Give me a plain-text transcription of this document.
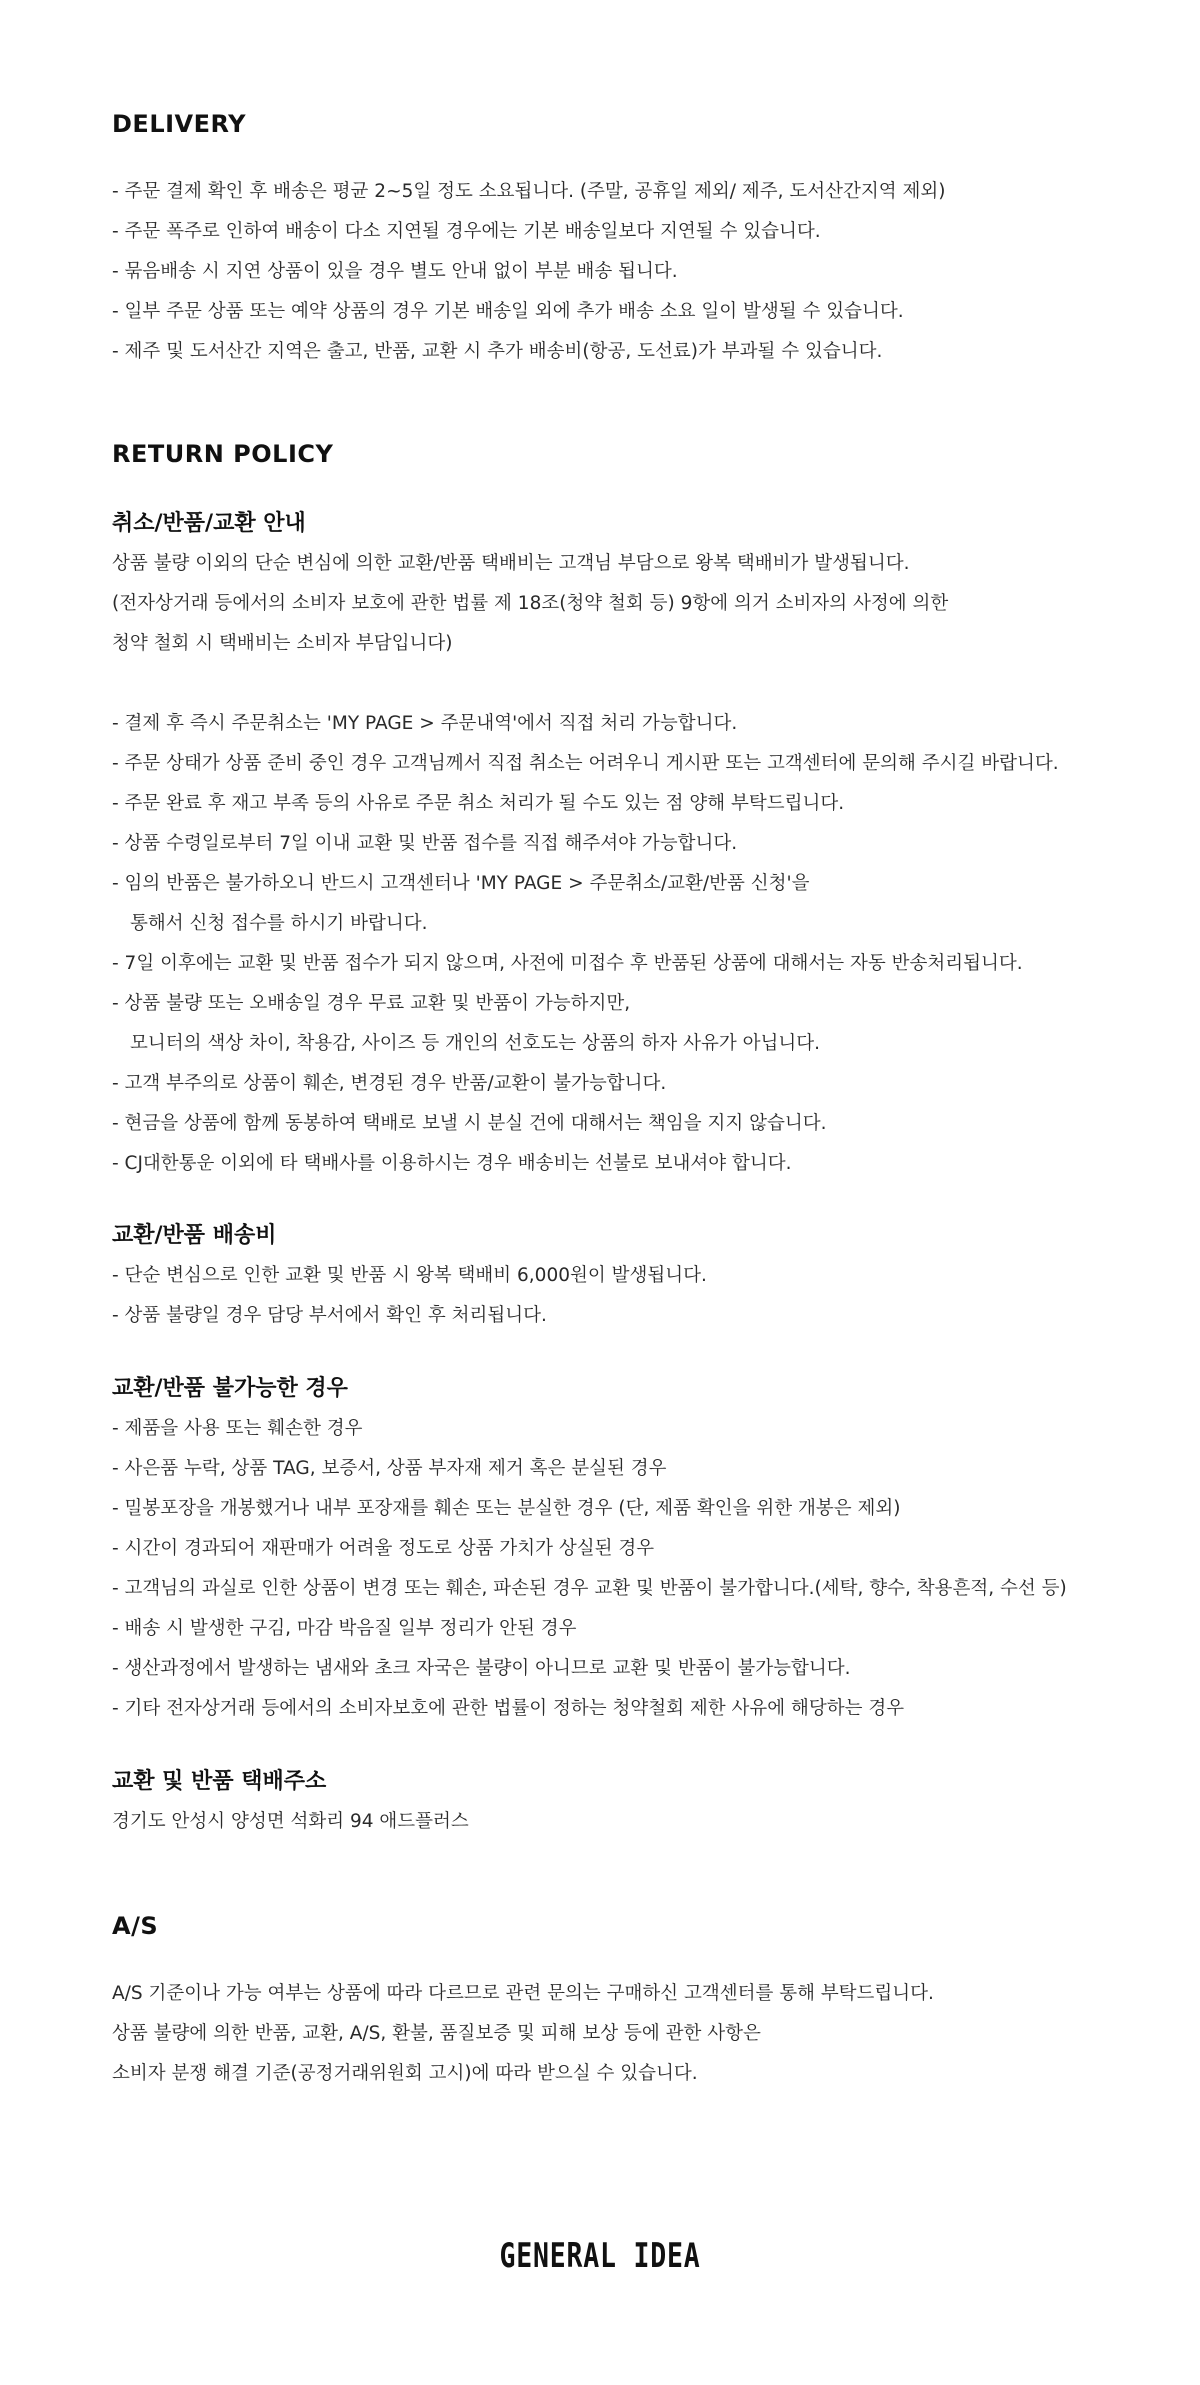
DELIVERY

- 주문 결제 확인 후 배송은 평균 2~5일 정도 소요됩니다. (주말, 공휴일 제외/ 제주, 도서산간지역 제외)

- 주문 폭주로 인하여 배송이 다소 지연될 경우에는 기본 배송일보다 지연될 수 있습니다.

- 묶음배송 시 지연 상품이 있을 경우 별도 안내 없이 부분 배송 됩니다.

- 일부 주문 상품 또는 예약 상품의 경우 기본 배송일 외에 추가 배송 소요 일이 발생될 수 있습니다.

- 제주 및 도서산간 지역은 출고, 반품, 교환 시 추가 배송비(항공, 도선료)가 부과될 수 있습니다.

RETURN POLICY
취소/반품/교환 안내

상품 불량 이외의 단순 변심에 의한 교환/반품 택배비는 고객님 부담으로 왕복 택배비가 발생됩니다.

(전자상거래 등에서의 소비자 보호에 관한 법률 제 18조(청약 철회 등) 9항에 의거 소비자의 사정에 의한

청약 철회 시 택배비는 소비자 부담입니다)

- 결제 후 즉시 주문취소는 'MY PAGE > 주문내역'에서 직접 처리 가능합니다.

- 주문 상태가 상품 준비 중인 경우 고객님께서 직접 취소는 어려우니 게시판 또는 고객센터에 문의해 주시길 바랍니다.

- 주문 완료 후 재고 부족 등의 사유로 주문 취소 처리가 될 수도 있는 점 양해 부탁드립니다.

- 상품 수령일로부터 7일 이내 교환 및 반품 접수를 직접 해주셔야 가능합니다.

- 임의 반품은 불가하오니 반드시 고객센터나 'MY PAGE > 주문취소/교환/반품 신청'을

통해서 신청 접수를 하시기 바랍니다.

- 7일 이후에는 교환 및 반품 접수가 되지 않으며, 사전에 미접수 후 반품된 상품에 대해서는 자동 반송처리됩니다.

- 상품 불량 또는 오배송일 경우 무료 교환 및 반품이 가능하지만,

모니터의 색상 차이, 착용감, 사이즈 등 개인의 선호도는 상품의 하자 사유가 아닙니다.

- 고객 부주의로 상품이 훼손, 변경된 경우 반품/교환이 불가능합니다.

- 현금을 상품에 함께 동봉하여 택배로 보낼 시 분실 건에 대해서는 책임을 지지 않습니다.

- CJ대한통운 이외에 타 택배사를 이용하시는 경우 배송비는 선불로 보내셔야 합니다.

교환/반품 배송비

- 단순 변심으로 인한 교환 및 반품 시 왕복 택배비 6,000원이 발생됩니다.

- 상품 불량일 경우 담당 부서에서 확인 후 처리됩니다.

교환/반품 불가능한 경우

- 제품을 사용 또는 훼손한 경우

- 사은품 누락, 상품 TAG, 보증서, 상품 부자재 제거 혹은 분실된 경우

- 밀봉포장을 개봉했거나 내부 포장재를 훼손 또는 분실한 경우 (단, 제품 확인을 위한 개봉은 제외)

- 시간이 경과되어 재판매가 어려울 정도로 상품 가치가 상실된 경우

- 고객님의 과실로 인한 상품이 변경 또는 훼손, 파손된 경우 교환 및 반품이 불가합니다.(세탁, 향수, 착용흔적, 수선 등)

- 배송 시 발생한 구김, 마감 박음질 일부 정리가 안된 경우

- 생산과정에서 발생하는 냄새와 초크 자국은 불량이 아니므로 교환 및 반품이 불가능합니다.

- 기타 전자상거래 등에서의 소비자보호에 관한 법률이 정하는 청약철회 제한 사유에 해당하는 경우

교환 및 반품 택배주소

경기도 안성시 양성면 석화리 94 애드플러스

A/S

A/S 기준이나 가능 여부는 상품에 따라 다르므로 관련 문의는 구매하신 고객센터를 통해 부탁드립니다.

상품 불량에 의한 반품, 교환, A/S, 환불, 품질보증 및 피해 보상 등에 관한 사항은

소비자 분쟁 해결 기준(공정거래위원회 고시)에 따라 받으실 수 있습니다.

GENERAL IDEA
